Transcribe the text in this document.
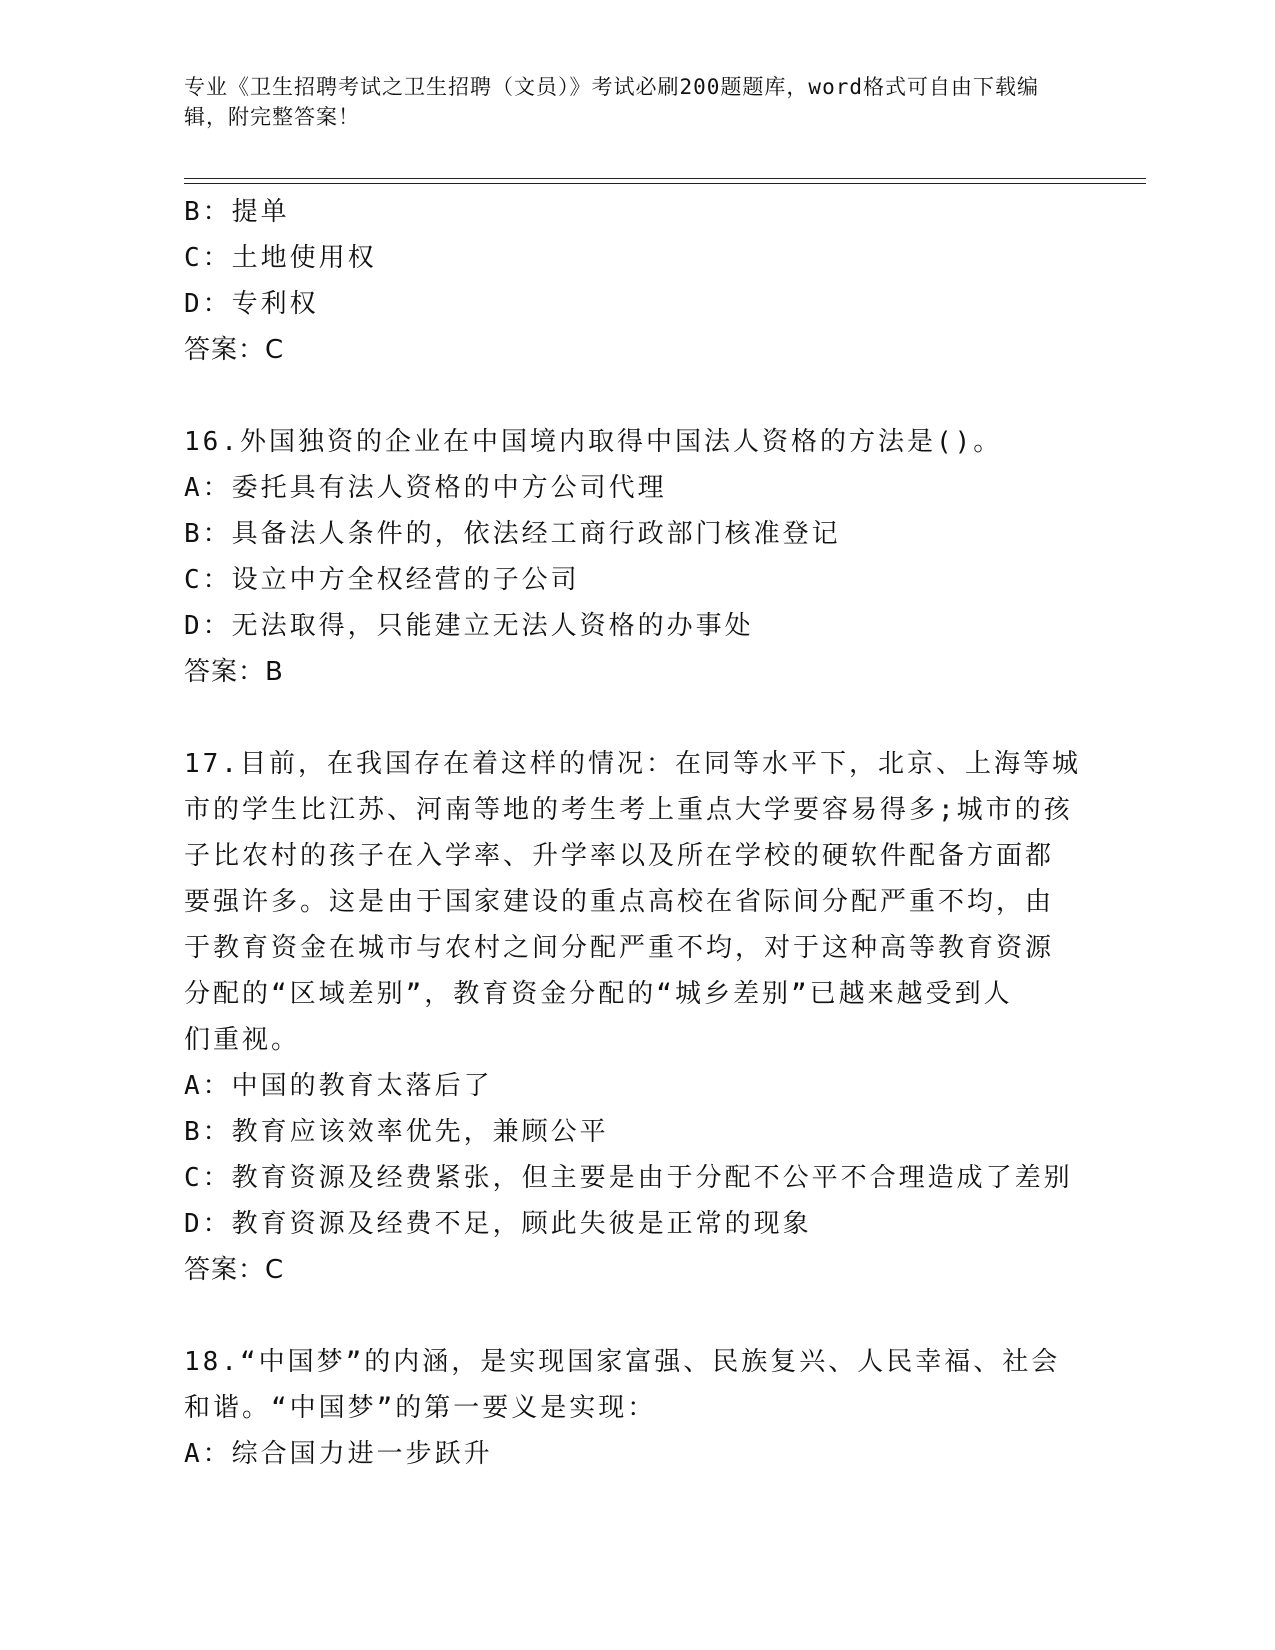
专业《卫生招聘考试之卫生招聘（文员）》考试必刷200题题库，word格式可自由下载编辑，附完整答案！

B：提单

C：土地使用权

D：专利权

答案：C

16.外国独资的企业在中国境内取得中国法人资格的方法是()。

A：委托具有法人资格的中方公司代理

B：具备法人条件的，依法经工商行政部门核准登记

C：设立中方全权经营的子公司

D：无法取得，只能建立无法人资格的办事处

答案：B

17.目前，在我国存在着这样的情况：在同等水平下，北京、上海等城

市的学生比江苏、河南等地的考生考上重点大学要容易得多;城市的孩

子比农村的孩子在入学率、升学率以及所在学校的硬软件配备方面都

要强许多。这是由于国家建设的重点高校在省际间分配严重不均，由

于教育资金在城市与农村之间分配严重不均，对于这种高等教育资源

分配的“区域差别”，教育资金分配的“城乡差别”已越来越受到人

们重视。

A：中国的教育太落后了

B：教育应该效率优先，兼顾公平

C：教育资源及经费紧张，但主要是由于分配不公平不合理造成了差别

D：教育资源及经费不足，顾此失彼是正常的现象

答案：C

18.“中国梦”的内涵，是实现国家富强、民族复兴、人民幸福、社会

和谐。“中国梦”的第一要义是实现：

A：综合国力进一步跃升
